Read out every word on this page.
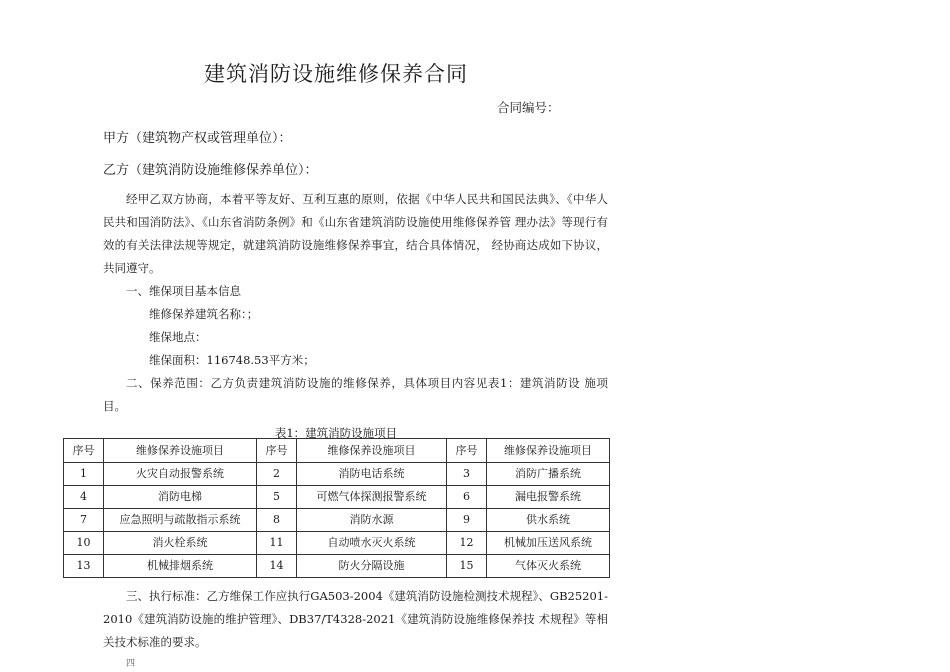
建筑消防设施维修保养合同
合同编号：
甲方（建筑物产权或管理单位）：
乙方（建筑消防设施维修保养单位）：
经甲乙双方协商，本着平等友好、互利互惠的原则，依据《中华人民共和国民法典》、《中华人民共和国消防法》、《山东省消防条例》和《山东省建筑消防设施使用维修保养管 理办法》等现行有效的有关法律法规等规定，就建筑消防设施维修保养事宜，结合具体情况， 经协商达成如下协议，共同遵守。
一、维保项目基本信息
维修保养建筑名称：；
维保地点：
维保面积：116748.53平方米；
二、保养范围：乙方负责建筑消防设施的维修保养，具体项目内容见表1：建筑消防设 施项目。
表1：建筑消防设施项目
序号	维修保养设施项目	序号	维修保养设施项目	序号	维修保养设施项目
1	火灾自动报警系统	2	消防电话系统	3	消防广播系统
4	消防电梯	5	可燃气体探测报警系统	6	漏电报警系统
7	应急照明与疏散指示系统	8	消防水源	9	供水系统
10	消火栓系统	11	自动喷水灭火系统	12	机械加压送风系统
13	机械排烟系统	14	防火分隔设施	15	气体灭火系统
三、执行标准：乙方维保工作应执行GA503-2004《建筑消防设施检测技术规程》、GB25201-2010《建筑消防设施的维护管理》、DB37/T4328-2021《建筑消防设施维修保养技 术规程》等相关技术标准的要求。
四
